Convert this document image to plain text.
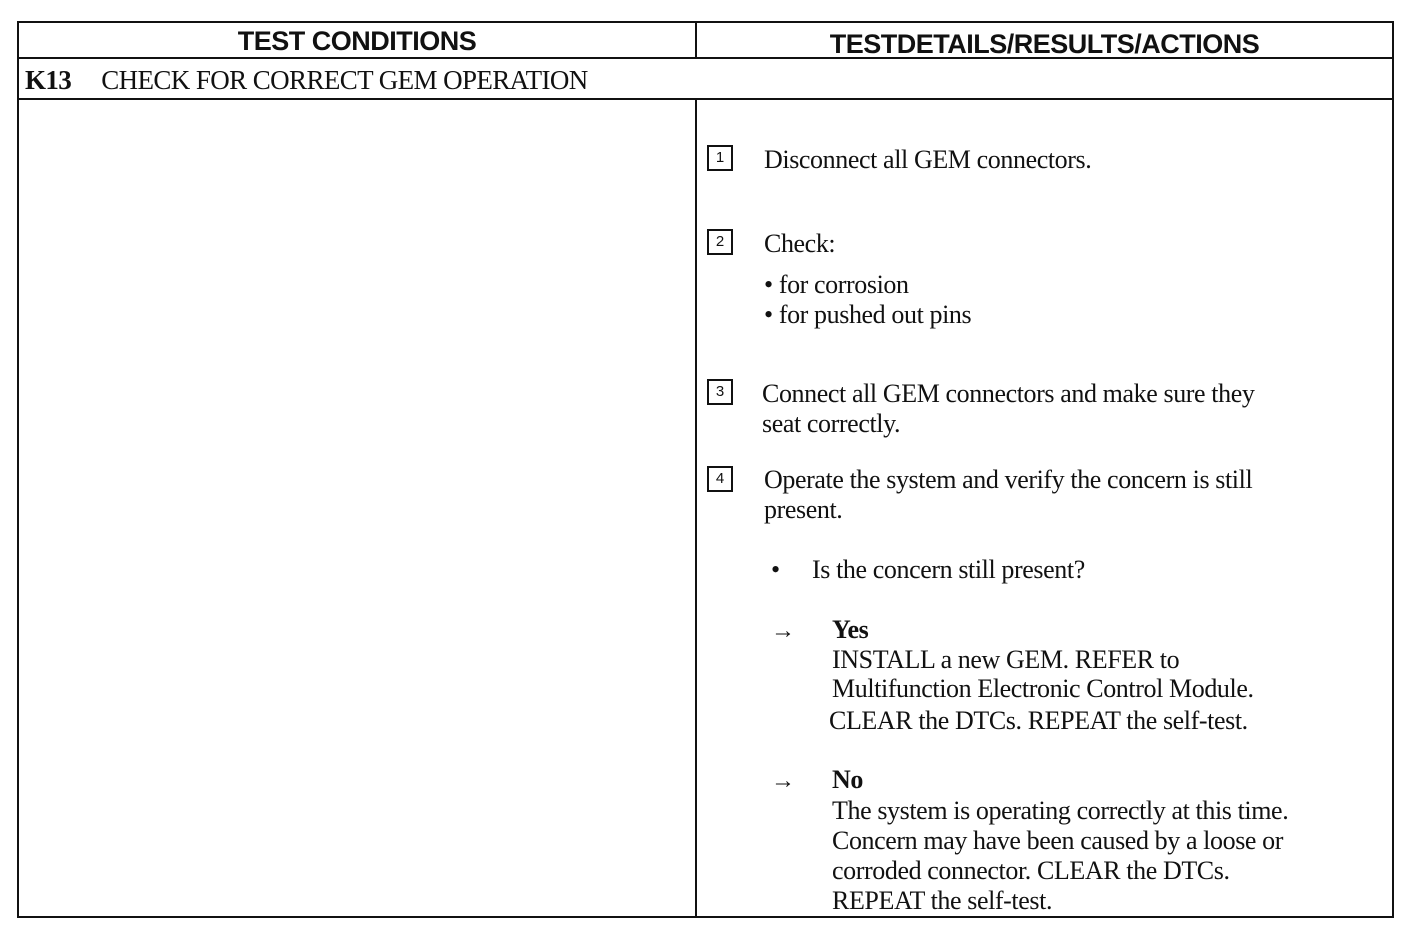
TEST CONDITIONS	TESTDETAILS/RESULTS/ACTIONS
K13 CHECK FOR CORRECT GEM OPERATION
1	Disconnect all GEM connectors.
2	Check:
• for corrosion
• for pushed out pins
3	Connect all GEM connectors and make sure they
seat correctly.
4	Operate the system and verify the concern is still
present.
• Is the concern still present?
→ Yes
INSTALL a new GEM. REFER to
Multifunction Electronic Control Module.
CLEAR the DTCs. REPEAT the self-test.
→ No
The system is operating correctly at this time.
Concern may have been caused by a loose or
corroded connector. CLEAR the DTCs.
REPEAT the self-test.
